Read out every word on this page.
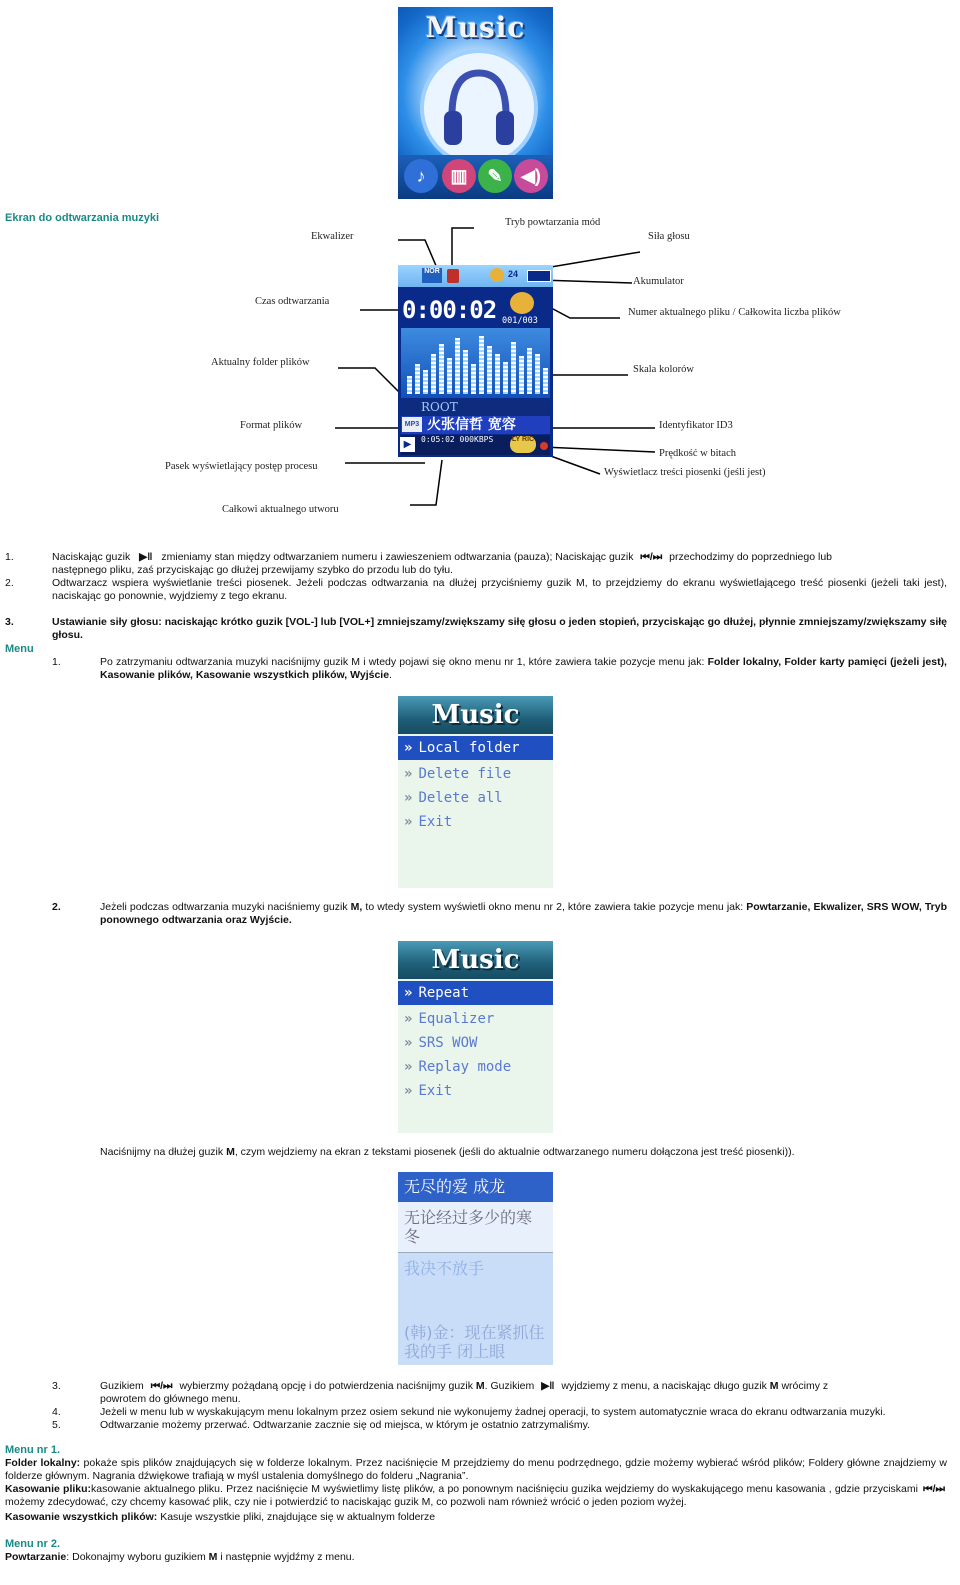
Music
♪	▥	✎	◀)
Ekran do odtwarzania muzyki
Ekwalizer
Tryb powtarzania mód
Siła głosu
Akumulator
Czas odtwarzania
Numer aktualnego pliku / Całkowita liczba plików
Aktualny folder plików
Skala kolorów
Format plików	Identyfikator ID3
Prędkość w bitach
Pasek wyświetlający postęp procesu
Wyświetlacz treści piosenki (jeśli jest)
Całkowi aktualnego utworu
NOR	24
0:00:02 001/003
ROOT
火张信哲 宽容
MP3
0:05:02 000KBPS
▶	LY RIC
1.	Naciskając guzik ▶‖ zmieniamy stan między odtwarzaniem numeru i zawieszeniem odtwarzania (pauza); Naciskając guzik ⏮/⏭ przechodzimy do poprzedniego lub
następnego pliku, zaś przyciskając go dłużej przewijamy szybko do przodu lub do tyłu.
2.	Odtwarzacz wspiera wyświetlanie treści piosenek. Jeżeli podczas odtwarzania na dłużej przyciśniemy guzik M, to przejdziemy do ekranu wyświetlającego treść piosenki (jeżeli taki jest), naciskając go ponownie, wyjdziemy z tego ekranu.
3.	Ustawianie siły głosu: naciskając krótko guzik [VOL-] lub [VOL+] zmniejszamy/zwiększamy siłę głosu o jeden stopień, przyciskając go dłużej, płynnie zmniejszamy/zwiększamy siłę głosu.
Menu
1.	Po zatrzymaniu odtwarzania muzyki naciśnijmy guzik M i wtedy pojawi się okno menu nr 1, które zawiera takie pozycje menu jak: Folder lokalny, Folder karty pamięci (jeżeli jest), Kasowanie plików, Kasowanie wszystkich plików, Wyjście.
Music
» Local folder
» Delete file
» Delete all
» Exit
2.	Jeżeli podczas odtwarzania muzyki naciśniemy guzik M, to wtedy system wyświetli okno menu nr 2, które zawiera takie pozycje menu jak: Powtarzanie, Ekwalizer, SRS WOW, Tryb ponownego odtwarzania oraz Wyjście.
Music
» Repeat
» Equalizer
» SRS WOW
» Replay mode
» Exit
Naciśnijmy na dłużej guzik M, czym wejdziemy na ekran z tekstami piosenek (jeśli do aktualnie odtwarzanego numeru dołączona jest treść piosenki)).
无尽的爱 成龙
无论经过多少的寒冬
我决不放手
(韩)金：现在紧抓住我的手 闭上眼
3.	Guzikiem ⏮/⏭ wybierzmy pożądaną opcję i do potwierdzenia naciśnijmy guzik M. Guzikiem ▶‖ wyjdziemy z menu, a naciskając długo guzik M wrócimy z
powrotem do głównego menu.
4.	Jeżeli w menu lub w wyskakującym menu lokalnym przez osiem sekund nie wykonujemy żadnej operacji, to system automatycznie wraca do ekranu odtwarzania muzyki.
5.	Odtwarzanie możemy przerwać. Odtwarzanie zacznie się od miejsca, w którym je ostatnio zatrzymaliśmy.
Menu nr 1.
Folder lokalny: pokaże spis plików znajdujących się w folderze lokalnym. Przez naciśnięcie M przejdziemy do menu podrzędnego, gdzie możemy wybierać wśród plików; Foldery główne znajdziemy w folderze głównym. Nagrania dźwiękowe trafiają w myśl ustalenia domyślnego do folderu „Nagrania”.
Kasowanie pliku:kasowanie aktualnego pliku. Przez naciśnięcie M wyświetlimy listę plików, a po ponownym naciśnięciu guzika wejdziemy do wyskakującego menu kasowania , gdzie przyciskami ⏮/⏭ możemy zdecydować, czy chcemy kasować plik, czy nie i potwierdzić to naciskając guzik M, co pozwoli nam również wrócić o jeden poziom wyżej.
Kasowanie wszystkich plików: Kasuje wszystkie pliki, znajdujące się w aktualnym folderze
Menu nr 2.
Powtarzanie: Dokonajmy wyboru guzikiem M i następnie wyjdźmy z menu.
